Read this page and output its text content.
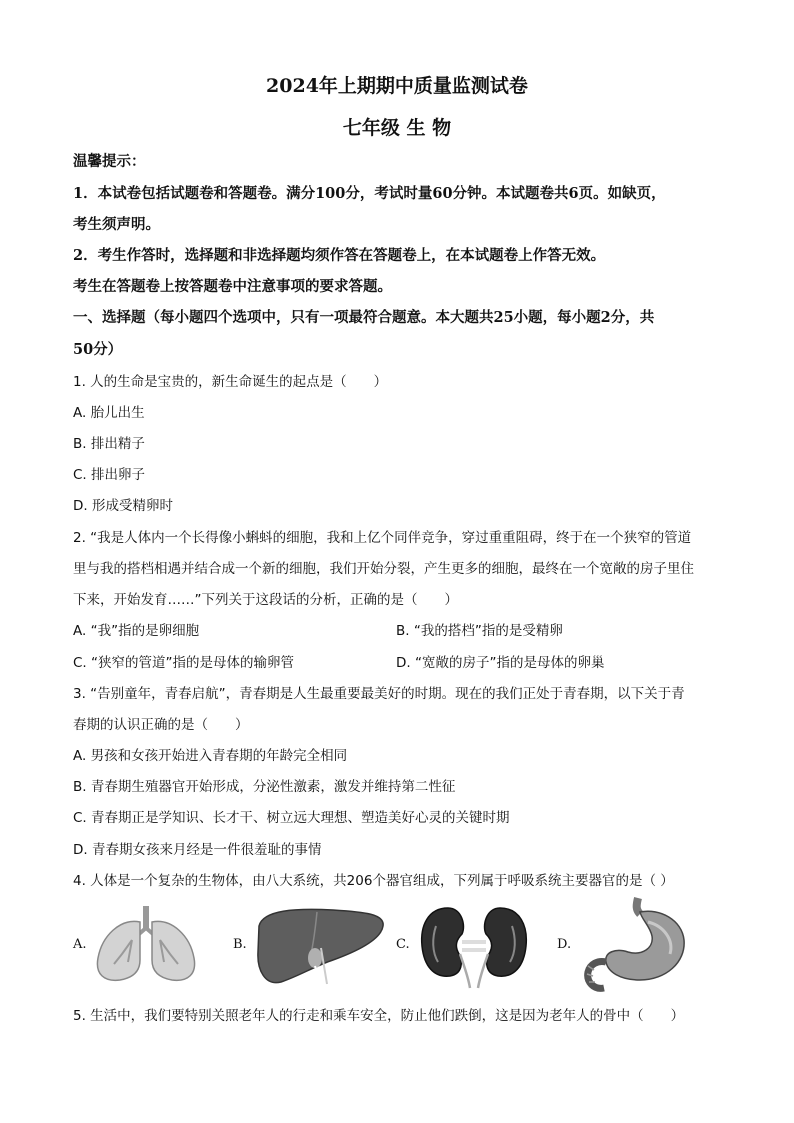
2024年上期期中质量监测试卷
七年级 生 物
温馨提示：
1．本试卷包括试题卷和答题卷。满分100分，考试时量60分钟。本试题卷共6页。如缺页，
考生须声明。
2．考生作答时，选择题和非选择题均须作答在答题卷上，在本试题卷上作答无效。
考生在答题卷上按答题卷中注意事项的要求答题。
一、选择题（每小题四个选项中，只有一项最符合题意。本大题共25小题，每小题2分，共
50分）
1. 人的生命是宝贵的，新生命诞生的起点是（　　）
A. 胎儿出生
B. 排出精子
C. 排出卵子
D. 形成受精卵时
2. “我是人体内一个长得像小蝌蚪的细胞，我和上亿个同伴竞争，穿过重重阻碍，终于在一个狭窄的管道
里与我的搭档相遇并结合成一个新的细胞，我们开始分裂，产生更多的细胞，最终在一个宽敞的房子里住
下来，开始发育……”下列关于这段话的分析，正确的是（　　）
A. “我”指的是卵细胞	B. “我的搭档”指的是受精卵
C. “狭窄的管道”指的是母体的输卵管	D. “宽敞的房子”指的是母体的卵巢
3. “告别童年，青春启航”，青春期是人生最重要最美好的时期。现在的我们正处于青春期，以下关于青
春期的认识正确的是（　　）
A. 男孩和女孩开始进入青春期的年龄完全相同
B. 青春期生殖器官开始形成，分泌性激素，激发并维持第二性征
C. 青春期正是学知识、长才干、树立远大理想、塑造美好心灵的关键时期
D. 青春期女孩来月经是一件很羞耻的事情
4. 人体是一个复杂的生物体，由八大系统，共206个器官组成，下列属于呼吸系统主要器官的是（ ）
A.	B.	C.	D.
5. 生活中，我们要特别关照老年人的行走和乘车安全，防止他们跌倒，这是因为老年人的骨中（　　）
